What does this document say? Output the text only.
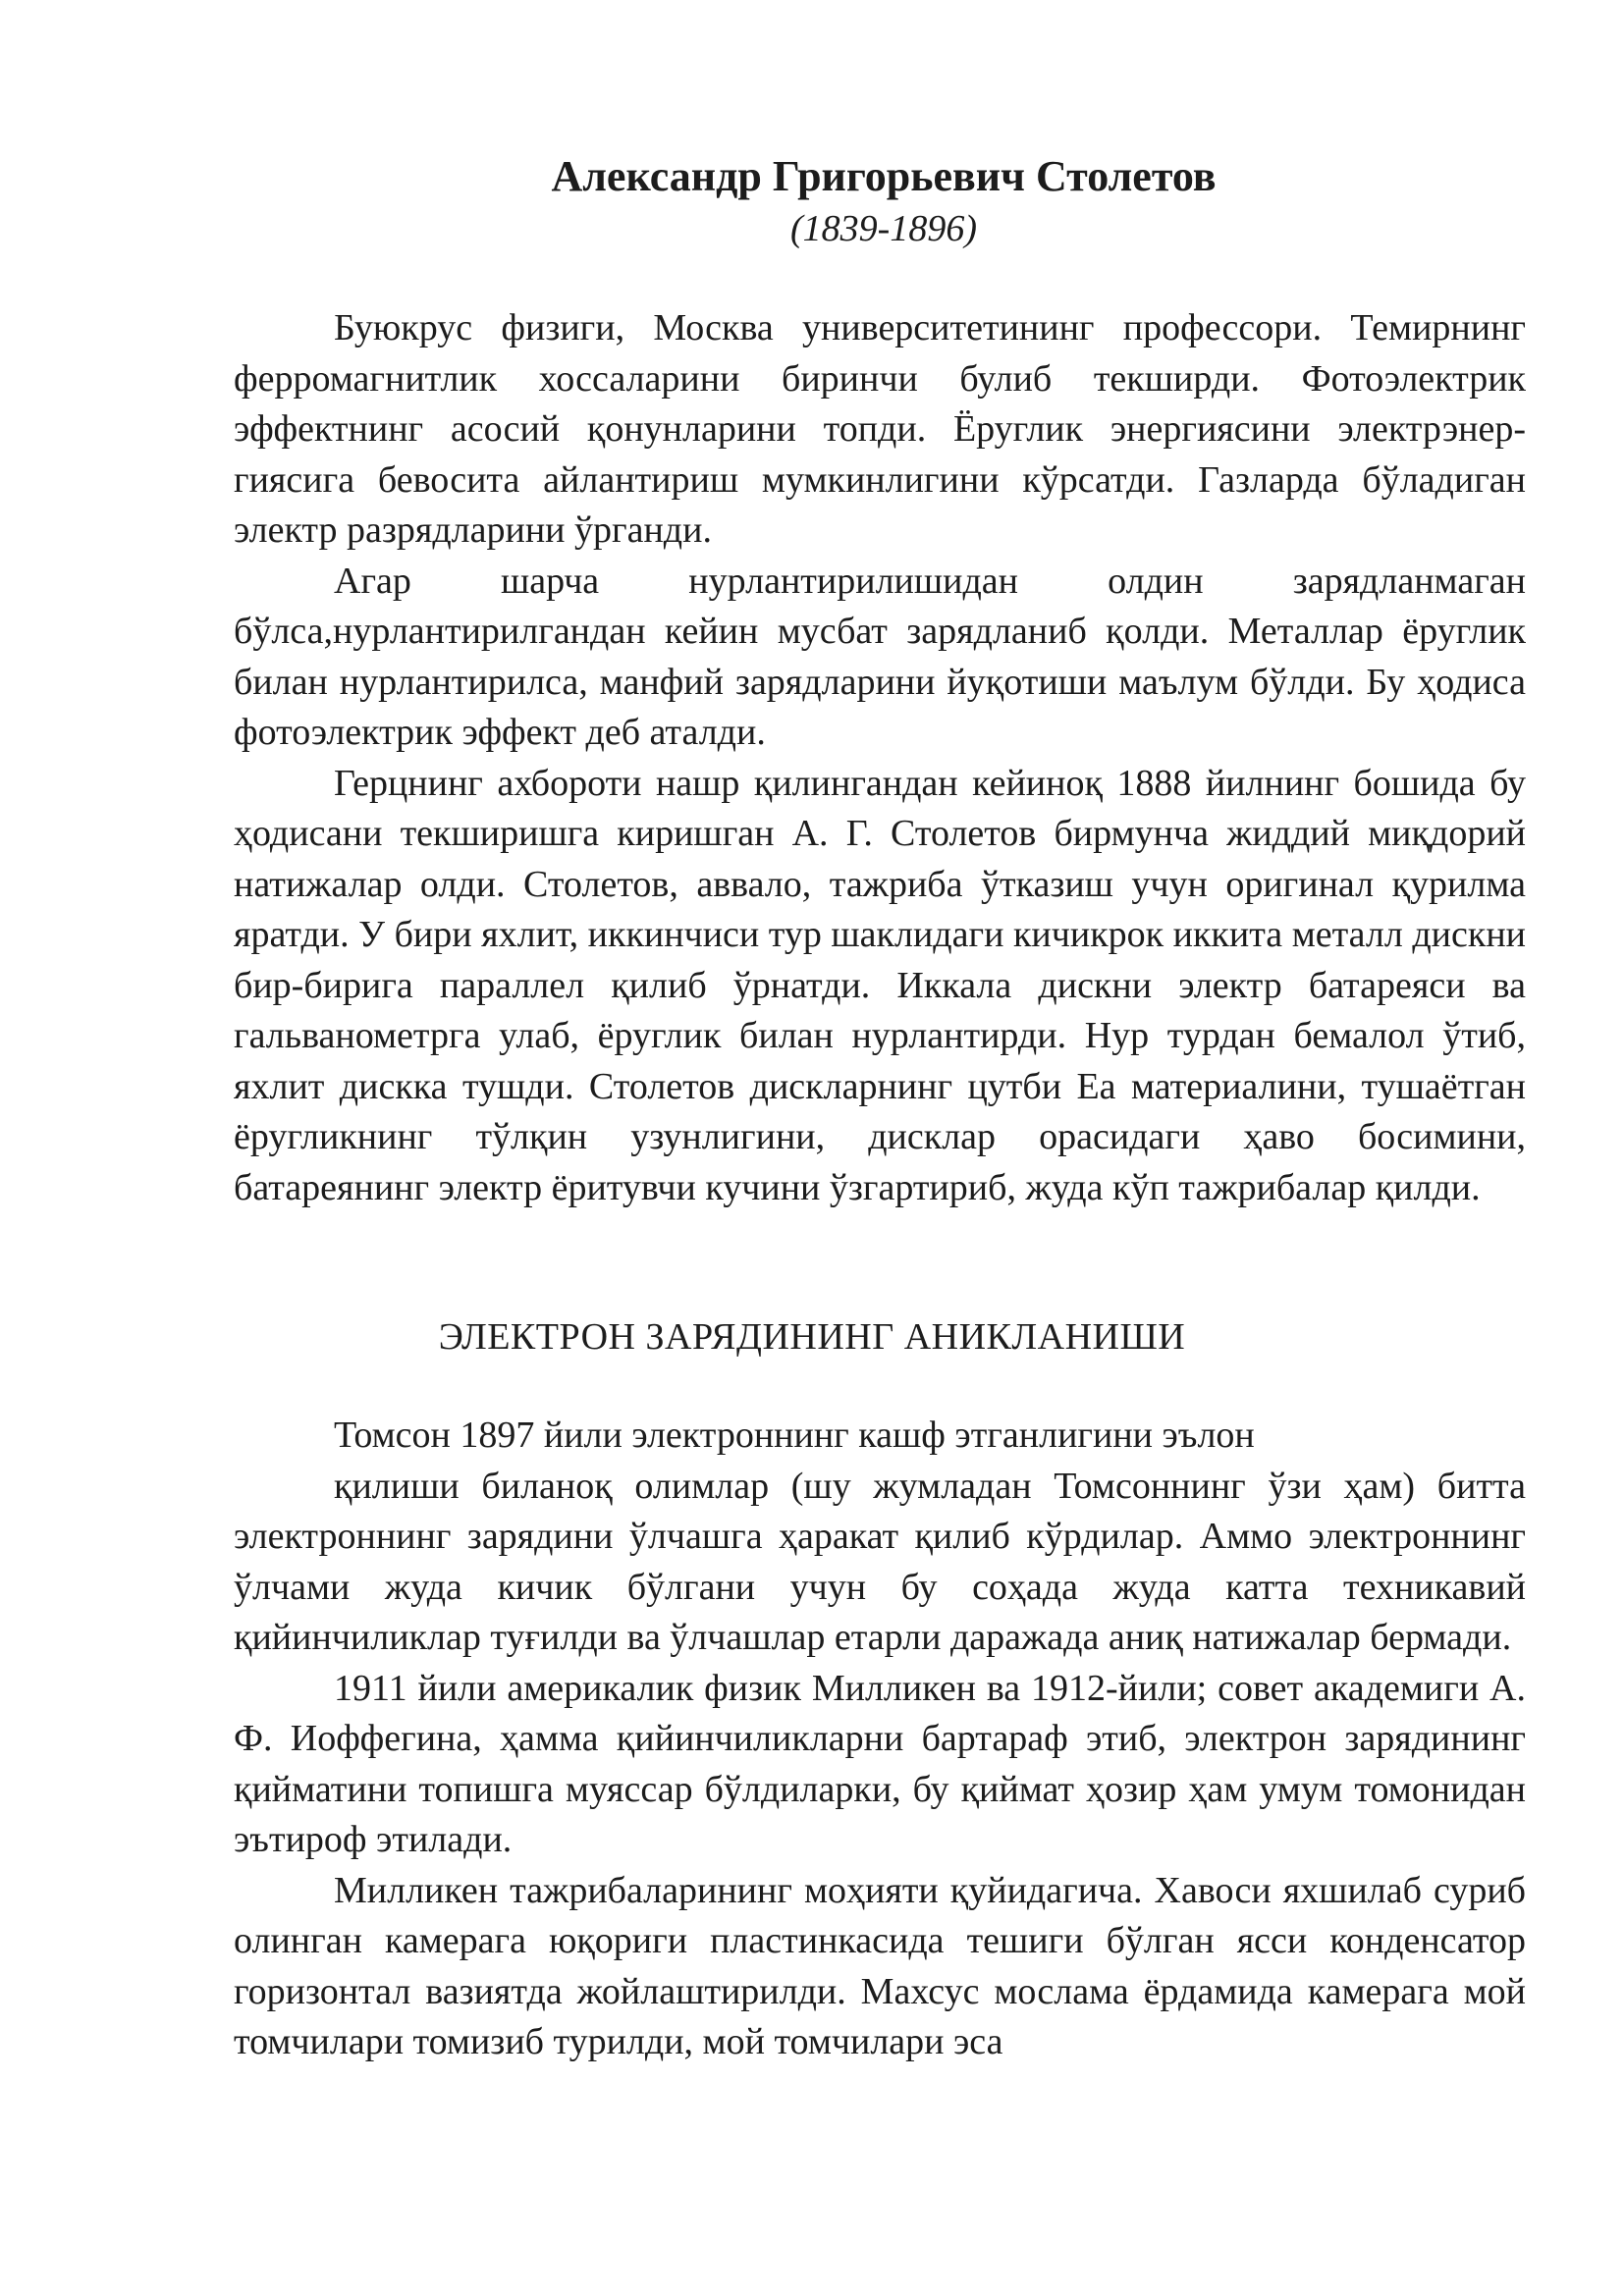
Александр Григорьевич Столетов

(1839-1896)

Буюкрус физиги, Москва университетининг профессори. Темирнинг ферромагнитлик хоссаларини биринчи булиб текширди. Фотоэлектрик эффектнинг асосий қонунларини топди. Ёруглик энергиясини электрэнер-гиясига бевосита айлантириш мумкинлигини кўрсатди. Газларда бўладиган электр разрядларини ўрганди.

Агар шарча нурлантирилишидан олдин зарядланмаган бўлса,нурлантирилгандан кейин мусбат зарядланиб қолди. Металлар ёруглик билан нурлантирилса, манфий зарядларини йуқотиши маълум бўлди. Бу ҳодиса фотоэлектрик эффект деб аталди.

Герцнинг ахбороти нашр қилингандан кейиноқ 1888 йилнинг бошида бу ҳодисани текширишга киришган А. Г. Столетов бирмунча жиддий миқдорий натижалар олди. Столетов, аввало, тажриба ўтказиш учун оригинал қурилма яратди. У бири яхлит, иккинчиси тур шаклидаги кичикрок иккита металл дискни бир-бирига параллел қилиб ўрнатди. Иккала дискни электр батареяси ва гальванометрга улаб, ёруглик билан нурлантирди. Нур турдан бемалол ўтиб, яхлит дискка тушди. Столетов дискларнинг цутби Еа материалини, тушаётган ёругликнинг тўлқин узунлигини, дисклар орасидаги ҳаво босимини, батареянинг электр ёритувчи кучини ўзгартириб, жуда кўп тажрибалар қилди.

ЭЛЕКТРОН ЗАРЯДИНИНГ АНИКЛАНИШИ

Томсон 1897 йили электроннинг кашф этганлигини эълон

қилиши биланоқ олимлар (шу жумладан Томсоннинг ўзи ҳам) битта электроннинг зарядини ўлчашга ҳаракат қилиб кўрдилар. Аммо электроннинг ўлчами жуда кичик бўлгани учун бу соҳада жуда катта техникавий қийинчиликлар туғилди ва ўлчашлар етарли даражада аниқ натижалар бермади.

1911 йили америкалик физик Милликен ва 1912-йили; совет академиги А. Ф. Иоффегина, ҳамма қийинчиликларни бартараф этиб, электрон зарядининг қийматини топишга муяссар бўлдиларки, бу қиймат ҳозир ҳам умум томонидан эътироф этилади.

Милликен тажрибаларининг моҳияти қуйидагича. Хавоси яхшилаб суриб олинган камерага юқориги пластинкасида тешиги бўлган ясси конденсатор горизонтал вазиятда жойлаштирилди. Махсус мослама ёрдамида камерага мой томчилари томизиб турилди, мой томчилари эса
